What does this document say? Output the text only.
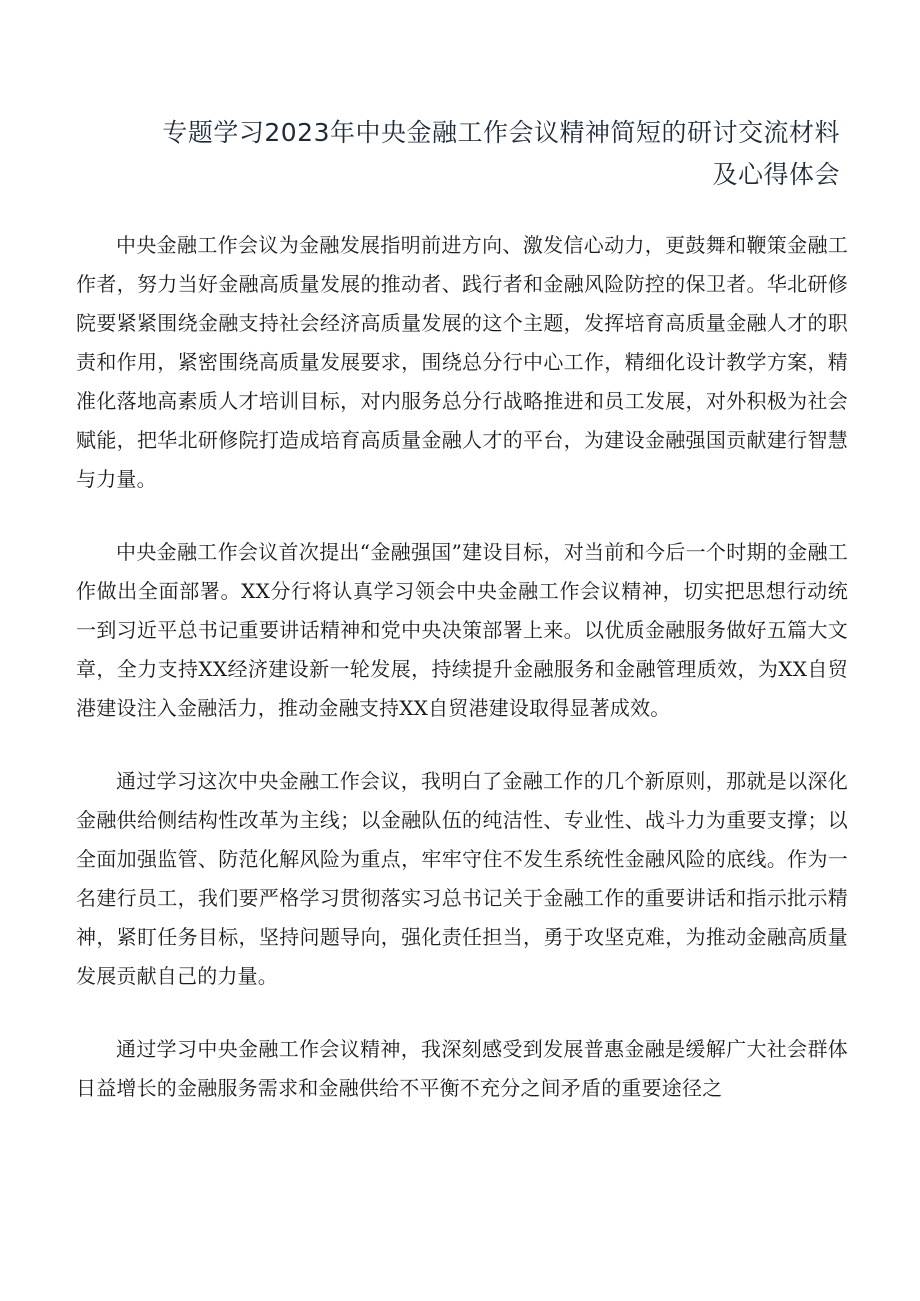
专题学习2023年中央金融工作会议精神简短的研讨交流材料及心得体会

中央金融工作会议为金融发展指明前进方向、激发信心动力，更鼓舞和鞭策金融工作者，努力当好金融高质量发展的推动者、践行者和金融风险防控的保卫者。华北研修院要紧紧围绕金融支持社会经济高质量发展的这个主题，发挥培育高质量金融人才的职责和作用，紧密围绕高质量发展要求，围绕总分行中心工作，精细化设计教学方案，精准化落地高素质人才培训目标，对内服务总分行战略推进和员工发展，对外积极为社会赋能，把华北研修院打造成培育高质量金融人才的平台，为建设金融强国贡献建行智慧与力量。

中央金融工作会议首次提出“金融强国”建设目标，对当前和今后一个时期的金融工作做出全面部署。XX分行将认真学习领会中央金融工作会议精神，切实把思想行动统一到习近平总书记重要讲话精神和党中央决策部署上来。以优质金融服务做好五篇大文章，全力支持XX经济建设新一轮发展，持续提升金融服务和金融管理质效，为XX自贸港建设注入金融活力，推动金融支持XX自贸港建设取得显著成效。

通过学习这次中央金融工作会议，我明白了金融工作的几个新原则，那就是以深化金融供给侧结构性改革为主线；以金融队伍的纯洁性、专业性、战斗力为重要支撑；以全面加强监管、防范化解风险为重点，牢牢守住不发生系统性金融风险的底线。作为一名建行员工，我们要严格学习贯彻落实习总书记关于金融工作的重要讲话和指示批示精神，紧盯任务目标，坚持问题导向，强化责任担当，勇于攻坚克难，为推动金融高质量发展贡献自己的力量。

通过学习中央金融工作会议精神，我深刻感受到发展普惠金融是缓解广大社会群体日益增长的金融服务需求和金融供给不平衡不充分之间矛盾的重要途径之
